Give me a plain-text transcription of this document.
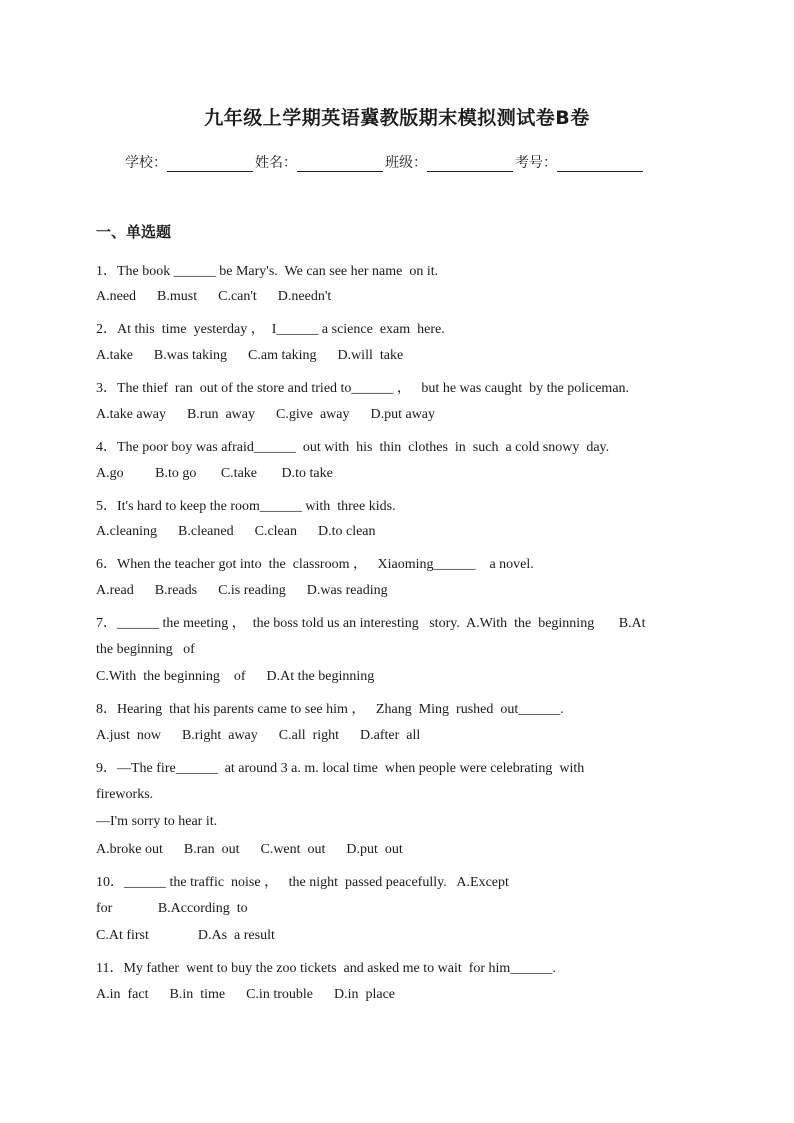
九年级上学期英语冀教版期末模拟测试卷B卷
学校：	姓名：	班级：	考号：
一、单选题
1．The book ______ be Mary's.  We can see her name  on it.
A.need      B.must      C.can't      D.needn't
2．At this  time  yesterday ，  I______ a science  exam  here.
A.take      B.was taking      C.am taking      D.will  take
3．The thief  ran  out of the store and tried to______ ，   but he was caught  by the policeman.
A.take away      B.run  away      C.give  away      D.put away
4．The poor boy was afraid______  out with  his  thin  clothes  in  such  a cold snowy  day.
A.go         B.to go       C.take       D.to take
5．It's hard to keep the room______ with  three kids.
A.cleaning      B.cleaned      C.clean      D.to clean
6．When the teacher got into  the  classroom ，   Xiaoming______    a novel.
A.read      B.reads      C.is reading      D.was reading
7．______ the meeting ，  the boss told us an interesting   story.  A.With  the  beginning       B.At
the beginning   of
C.With  the beginning    of      D.At the beginning
8．Hearing  that his parents came to see him ，   Zhang  Ming  rushed  out______.
A.just  now      B.right  away      C.all  right      D.after  all
9．—The fire______  at around 3 a. m. local time  when people were celebrating  with
fireworks.
—I'm sorry to hear it.
A.broke out      B.ran  out      C.went  out      D.put  out
10．______ the traffic  noise ，   the night  passed peacefully.   A.Except
for             B.According  to
C.At first              D.As  a result
11．My father  went to buy the zoo tickets  and asked me to wait  for him______.
A.in  fact      B.in  time      C.in trouble      D.in  place
